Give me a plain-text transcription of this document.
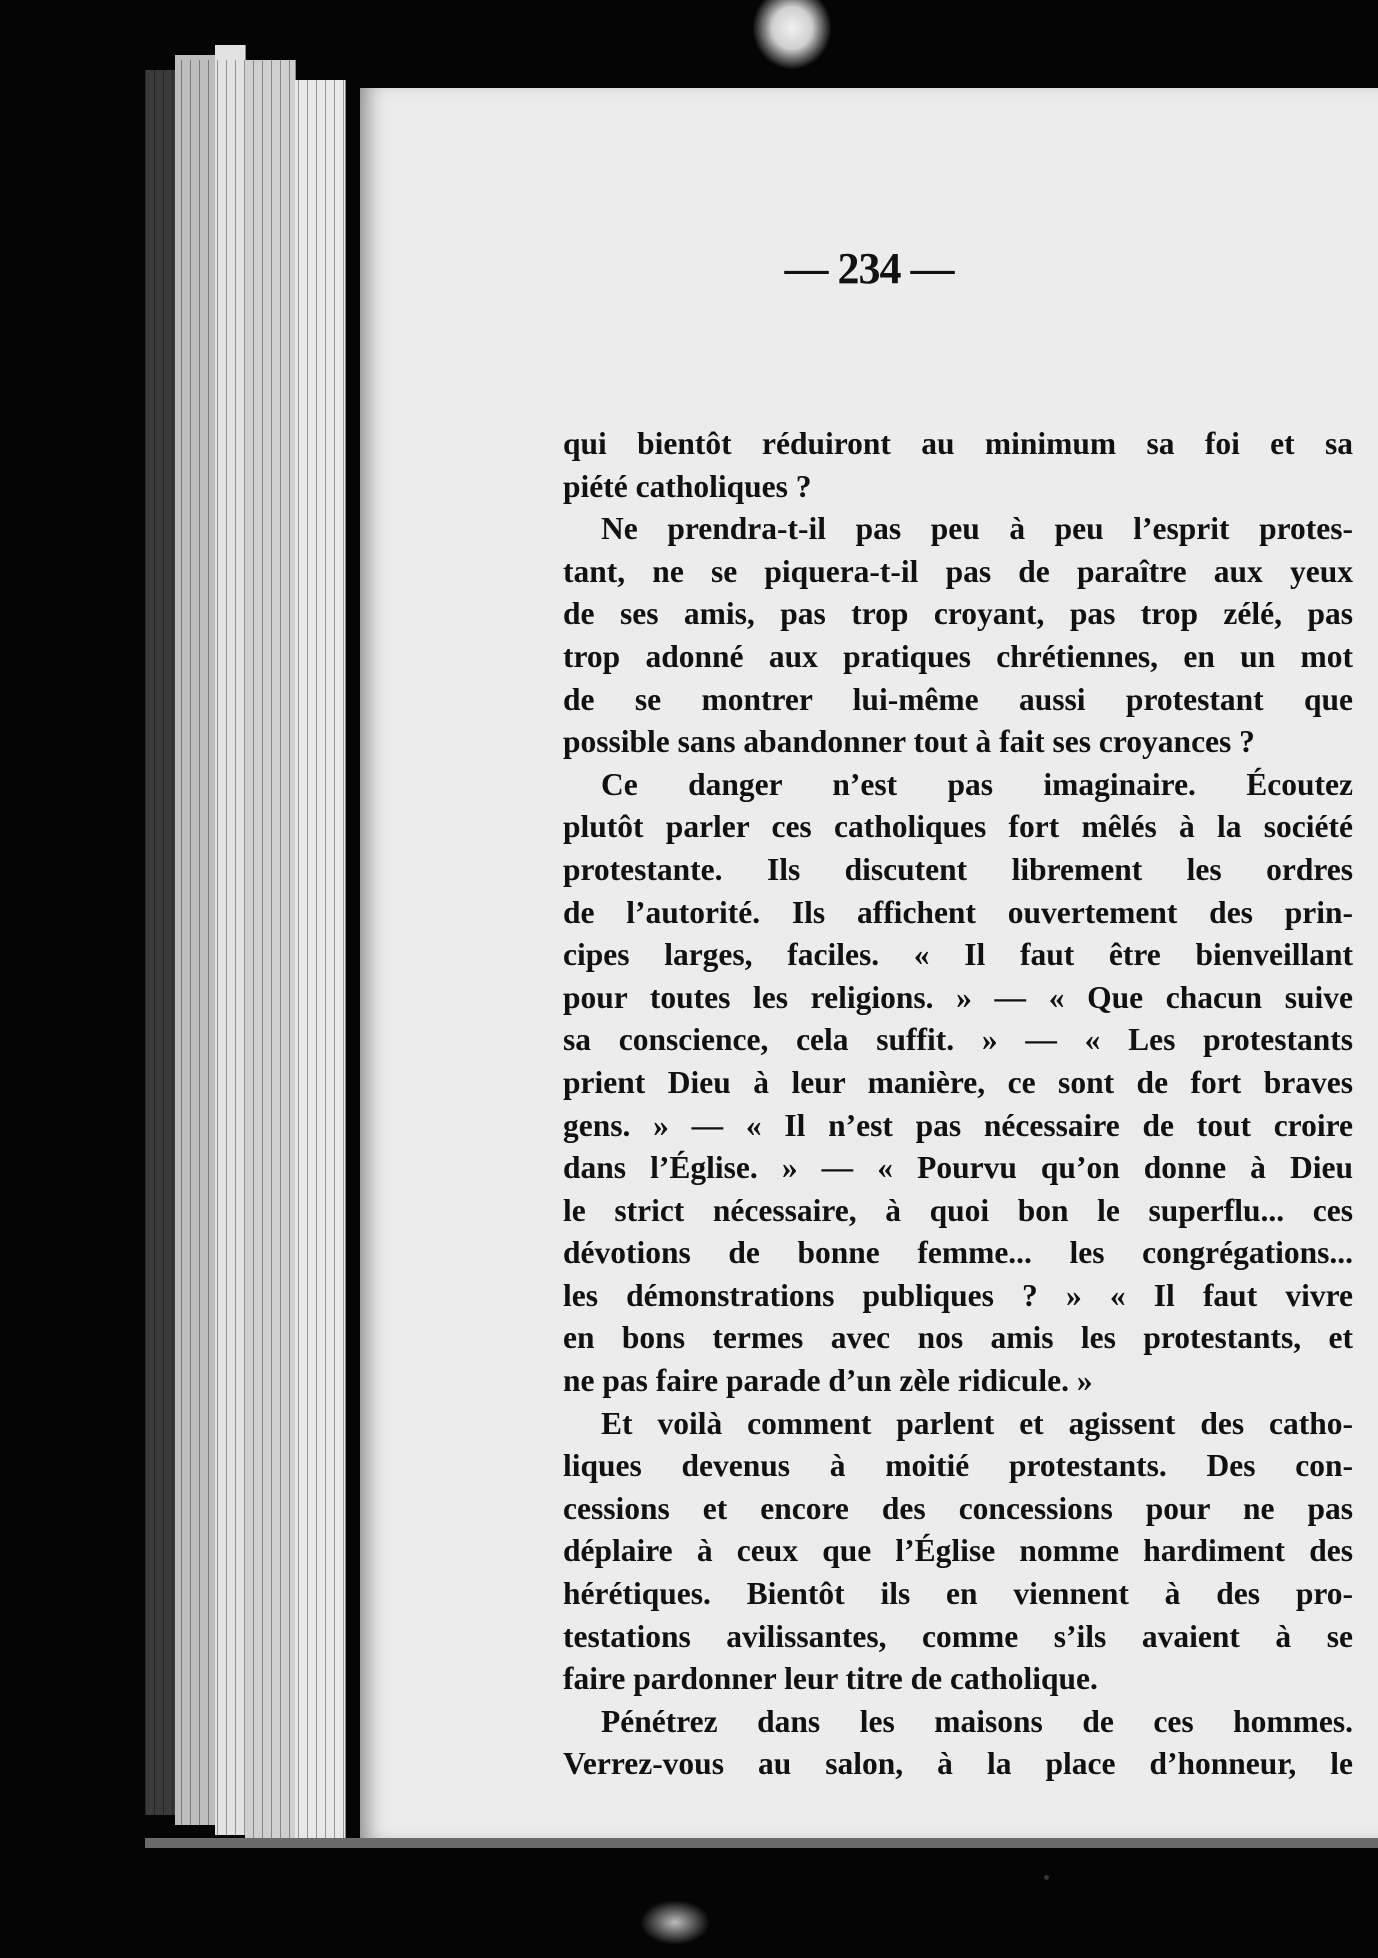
— 234 —
qui bientôt réduiront au minimum sa foi et sa
piété catholiques ?
Ne prendra-t-il pas peu à peu l’esprit protes-
tant, ne se piquera-t-il pas de paraître aux yeux
de ses amis, pas trop croyant, pas trop zélé, pas
trop adonné aux pratiques chrétiennes, en un mot
de se montrer lui-même aussi protestant que
possible sans abandonner tout à fait ses croyances ?
Ce danger n’est pas imaginaire. Écoutez
plutôt parler ces catholiques fort mêlés à la société
protestante. Ils discutent librement les ordres
de l’autorité. Ils affichent ouvertement des prin-
cipes larges, faciles. « Il faut être bienveillant
pour toutes les religions. » — « Que chacun suive
sa conscience, cela suffit. » — « Les protestants
prient Dieu à leur manière, ce sont de fort braves
gens. » — « Il n’est pas nécessaire de tout croire
dans l’Église. » — « Pourvu qu’on donne à Dieu
le strict nécessaire, à quoi bon le superflu... ces
dévotions de bonne femme... les congrégations...
les démonstrations publiques ? » « Il faut vivre
en bons termes avec nos amis les protestants, et
ne pas faire parade d’un zèle ridicule. »
Et voilà comment parlent et agissent des catho-
liques devenus à moitié protestants. Des con-
cessions et encore des concessions pour ne pas
déplaire à ceux que l’Église nomme hardiment des
hérétiques. Bientôt ils en viennent à des pro-
testations avilissantes, comme s’ils avaient à se
faire pardonner leur titre de catholique.
Pénétrez dans les maisons de ces hommes.
Verrez-vous au salon, à la place d’honneur, le
